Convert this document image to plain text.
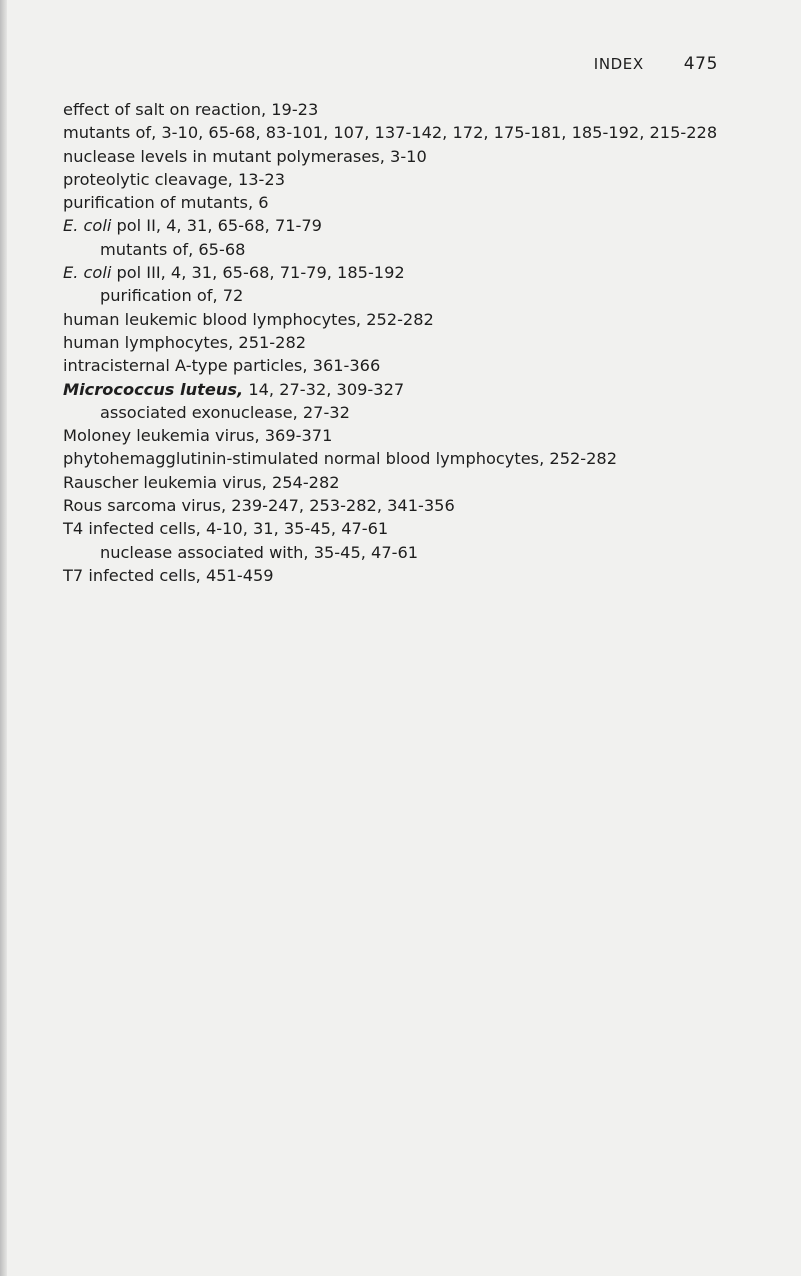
INDEX 475
effect of salt on reaction, 19-23
mutants of, 3-10, 65-68, 83-101, 107, 137-142, 172, 175-181, 185-192, 215-228
nuclease levels in mutant polymerases, 3-10
proteolytic cleavage, 13-23
purification of mutants, 6
E. coli pol II, 4, 31, 65-68, 71-79
mutants of, 65-68
E. coli pol III, 4, 31, 65-68, 71-79, 185-192
purification of, 72
human leukemic blood lymphocytes, 252-282
human lymphocytes, 251-282
intracisternal A-type particles, 361-366
Micrococcus luteus, 14, 27-32, 309-327
associated exonuclease, 27-32
Moloney leukemia virus, 369-371
phytohemagglutinin-stimulated normal blood lymphocytes, 252-282
Rauscher leukemia virus, 254-282
Rous sarcoma virus, 239-247, 253-282, 341-356
T4 infected cells, 4-10, 31, 35-45, 47-61
nuclease associated with, 35-45, 47-61
T7 infected cells, 451-459
